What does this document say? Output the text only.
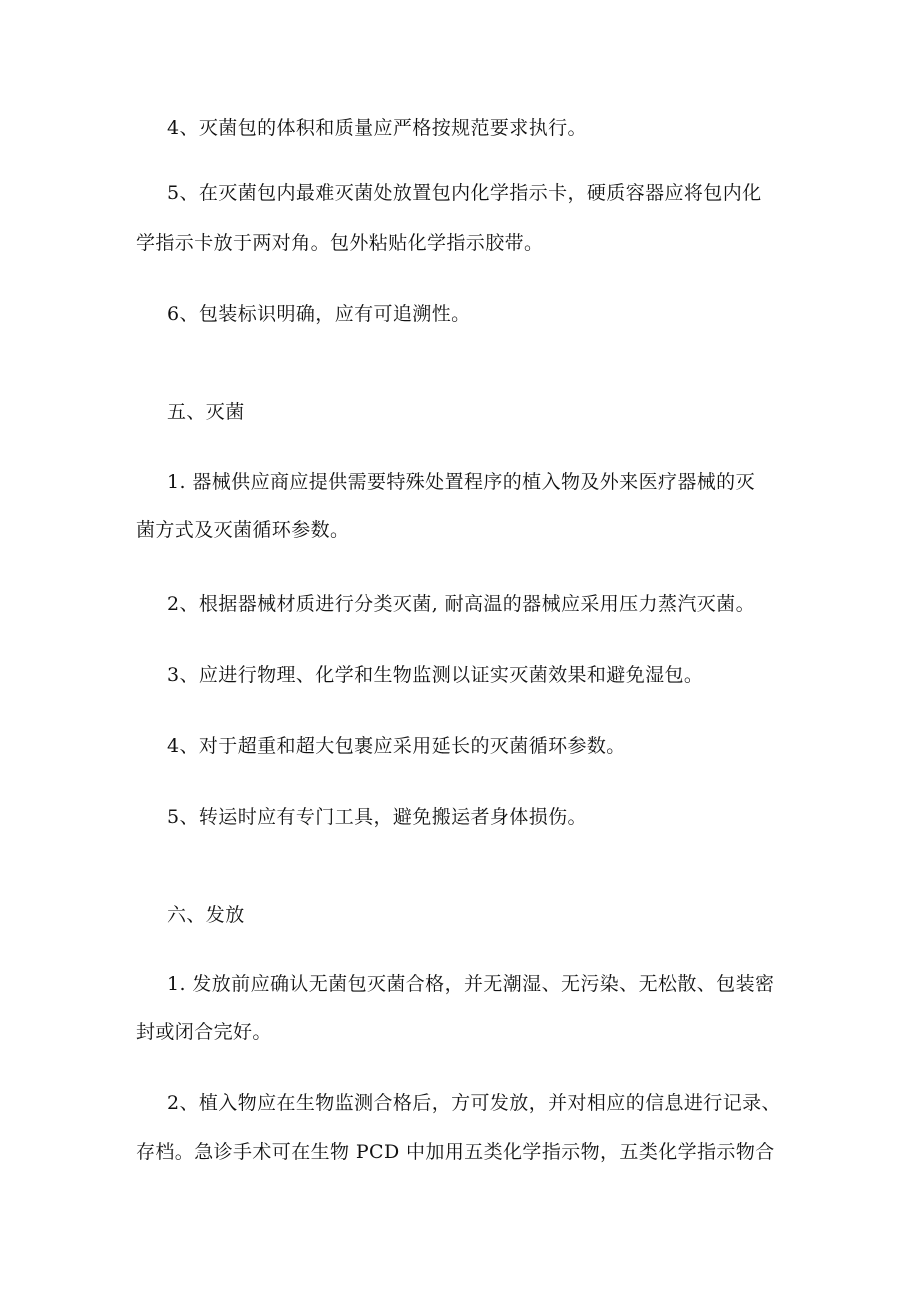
4、灭菌包的体积和质量应严格按规范要求执行。
5、在灭菌包内最难灭菌处放置包内化学指示卡，硬质容器应将包内化
学指示卡放于两对角。包外粘贴化学指示胶带。
6、包装标识明确，应有可追溯性。
五、灭菌
1. 器械供应商应提供需要特殊处置程序的植入物及外来医疗器械的灭
菌方式及灭菌循环参数。
2、根据器械材质进行分类灭菌, 耐高温的器械应采用压力蒸汽灭菌。
3、应进行物理、化学和生物监测以证实灭菌效果和避免湿包。
4、对于超重和超大包裹应采用延长的灭菌循环参数。
5、转运时应有专门工具，避免搬运者身体损伤。
六、发放
1. 发放前应确认无菌包灭菌合格，并无潮湿、无污染、无松散、包装密
封或闭合完好。
2、植入物应在生物监测合格后，方可发放，并对相应的信息进行记录、
存档。急诊手术可在生物 PCD 中加用五类化学指示物，五类化学指示物合
